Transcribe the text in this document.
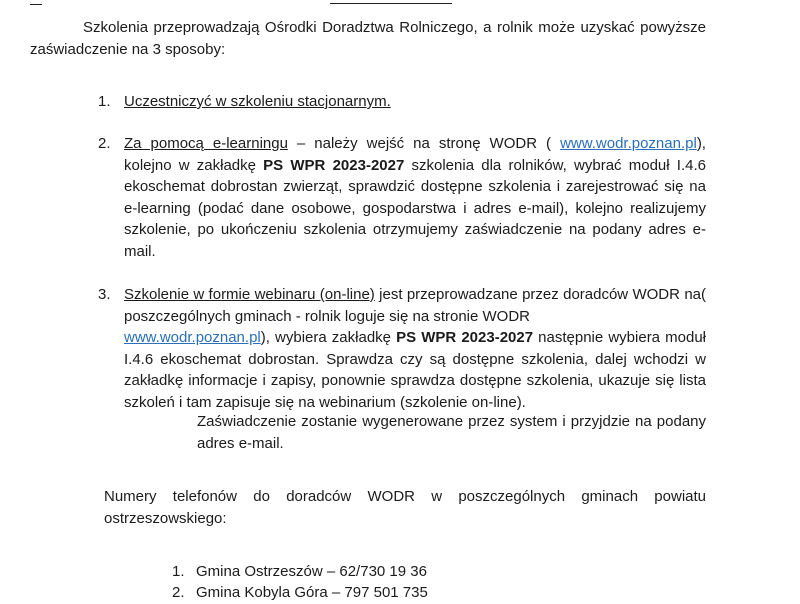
Szkolenia przeprowadzają Ośrodki Doradztwa Rolniczego, a rolnik może uzyskać powyższe zaświadczenie na 3 sposoby:

1. Uczestniczyć w szkoleniu stacjonarnym.
2. Za pomocą e-learningu – należy wejść na stronę WODR ( www.wodr.poznan.pl), kolejno w zakładkę PS WPR 2023-2027 szkolenia dla rolników, wybrać moduł I.4.6 ekoschemat dobrostan zwierząt, sprawdzić dostępne szkolenia i zarejestrować się na e-learning (podać dane osobowe, gospodarstwa i adres e-mail), kolejno realizujemy szkolenie, po ukończeniu szkolenia otrzymujemy zaświadczenie na podany adres e-mail.
3. Szkolenie w formie webinaru (on-line) jest przeprowadzane przez doradców WODR na poszczególnych gminach - rolnik loguje się na stronie WODR
(
www.wodr.poznan.pl), wybiera zakładkę PS WPR 2023-2027 następnie wybiera moduł I.4.6 ekoschemat dobrostan. Sprawdza czy są dostępne szkolenia, dalej wchodzi w zakładkę informacje i zapisy, ponownie sprawdza dostępne szkolenia, ukazuje się lista szkoleń i tam zapisuje się na webinarium (szkolenie on-line).

Zaświadczenie zostanie wygenerowane przez system i przyjdzie na podany adres e-mail.

Numery telefonów do doradców WODR w poszczególnych gminach powiatu ostrzeszowskiego:

1. Gmina Ostrzeszów – 62/730 19 36
2. Gmina Kobyla Góra – 797 501 735
